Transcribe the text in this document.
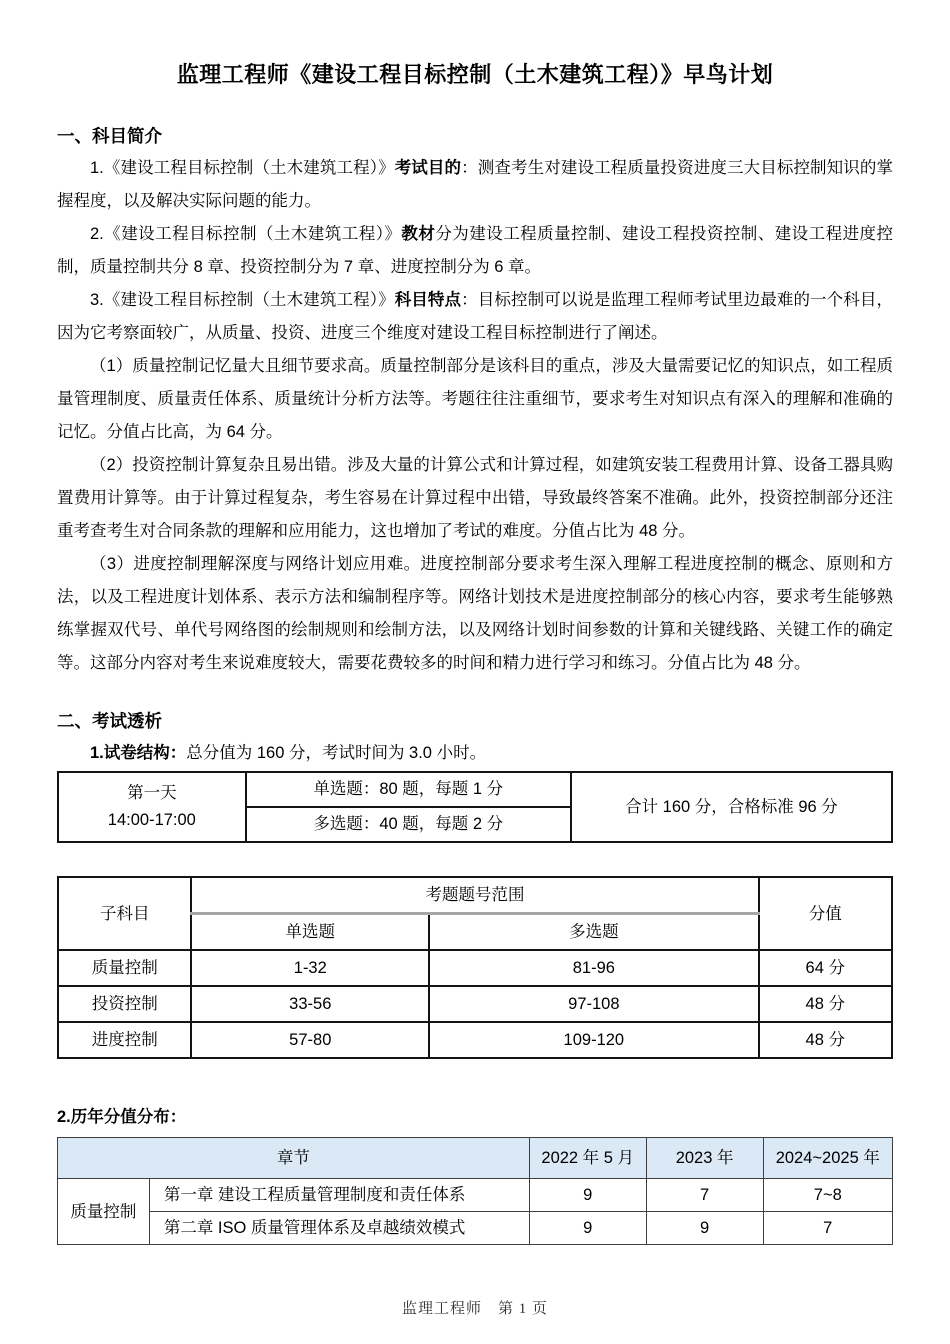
监理工程师《建设工程目标控制（土木建筑工程）》早鸟计划
一、科目简介

1.《建设工程目标控制（土木建筑工程）》考试目的：测查考生对建设工程质量投资进度三大目标控制知识的掌握程度，以及解决实际问题的能力。

2.《建设工程目标控制（土木建筑工程）》教材分为建设工程质量控制、建设工程投资控制、建设工程进度控制，质量控制共分 8 章、投资控制分为 7 章、进度控制分为 6 章。

3.《建设工程目标控制（土木建筑工程）》科目特点：目标控制可以说是监理工程师考试里边最难的一个科目，因为它考察面较广，从质量、投资、进度三个维度对建设工程目标控制进行了阐述。

（1）质量控制记忆量大且细节要求高。质量控制部分是该科目的重点，涉及大量需要记忆的知识点，如工程质量管理制度、质量责任体系、质量统计分析方法等。考题往往注重细节，要求考生对知识点有深入的理解和准确的记忆。分值占比高，为 64 分。

（2）投资控制计算复杂且易出错。涉及大量的计算公式和计算过程，如建筑安装工程费用计算、设备工器具购置费用计算等。由于计算过程复杂，考生容易在计算过程中出错，导致最终答案不准确。此外，投资控制部分还注重考查考生对合同条款的理解和应用能力，这也增加了考试的难度。分值占比为 48 分。

（3）进度控制理解深度与网络计划应用难。进度控制部分要求考生深入理解工程进度控制的概念、原则和方法，以及工程进度计划体系、表示方法和编制程序等。网络计划技术是进度控制部分的核心内容，要求考生能够熟练掌握双代号、单代号网络图的绘制规则和绘制方法，以及网络计划时间参数的计算和关键线路、关键工作的确定等。这部分内容对考生来说难度较大，需要花费较多的时间和精力进行学习和练习。分值占比为 48 分。

二、考试透析

1.试卷结构：总分值为 160 分，考试时间为 3.0 小时。

第一天
14:00-17:00
	单选题：80 题，每题 1 分	合计 160 分，合格标准 96 分
多选题：40 题，每题 2 分
子科目	考题题号范围		分值
	单选题	多选题	
质量控制	1-32	81-96	64 分
投资控制	33-56	97-108	48 分
进度控制	57-80	109-120	48 分

2.历年分值分布：

章节		2022 年 5 月	2023 年	2024~2025 年
质量控制	第一章 建设工程质量管理制度和责任体系	9	7	7~8
	第二章 ISO 质量管理体系及卓越绩效模式	9	9	7
监理工程师　第 1 页
